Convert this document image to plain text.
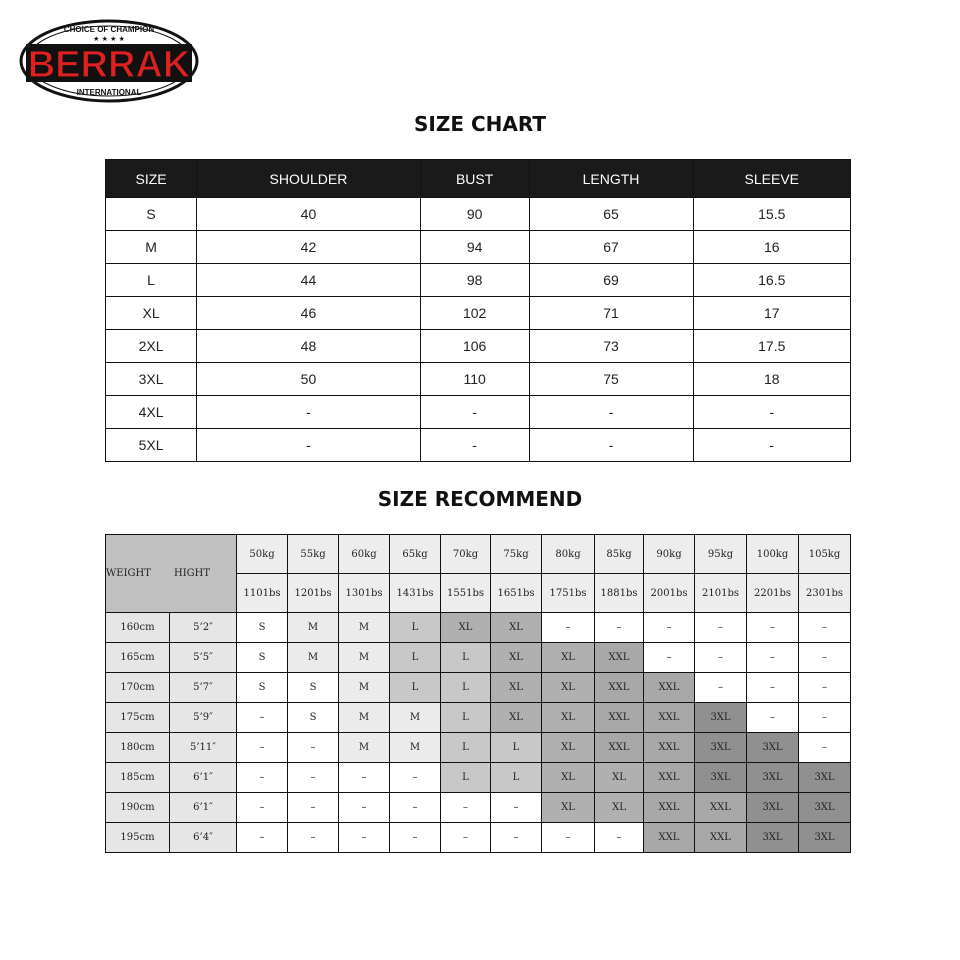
CHOICE OF CHAMPION
★ ★ ★ ★
BERRAK
INTERNATIONAL
SIZE CHART
SIZE	SHOULDER	BUST	LENGTH	SLEEVE
S	40	90	65	15.5
M	42	94	67	16
L	44	98	69	16.5
XL	46	102	71	17
2XL	48	106	73	17.5
3XL	50	110	75	18
4XL	-	-	-	-
5XL	-	-	-	-
SIZE RECOMMEND
WEIGHT HIGHT		50kg	55kg	60kg	65kg	70kg	75kg	80kg	85kg	90kg	95kg	100kg	105kg
		1101bs	1201bs	1301bs	1431bs	1551bs	1651bs	1751bs	1881bs	2001bs	2101bs	2201bs	2301bs
160cm	5’2″	S	M	M	L	XL	XL	–	–	–	–	–	–
165cm	5’5″	S	M	M	L	L	XL	XL	XXL	–	–	–	–
170cm	5’7″	S	S	M	L	L	XL	XL	XXL	XXL	–	–	–
175cm	5’9″	–	S	M	M	L	XL	XL	XXL	XXL	3XL	–	–
180cm	5’11″	–	–	M	M	L	L	XL	XXL	XXL	3XL	3XL	–
185cm	6’1″	–	–	–	–	L	L	XL	XL	XXL	3XL	3XL	3XL
190cm	6’1″	–	–	–	–	–	–	XL	XL	XXL	XXL	3XL	3XL
195cm	6’4″	–	–	–	–	–	–	–	–	XXL	XXL	3XL	3XL
